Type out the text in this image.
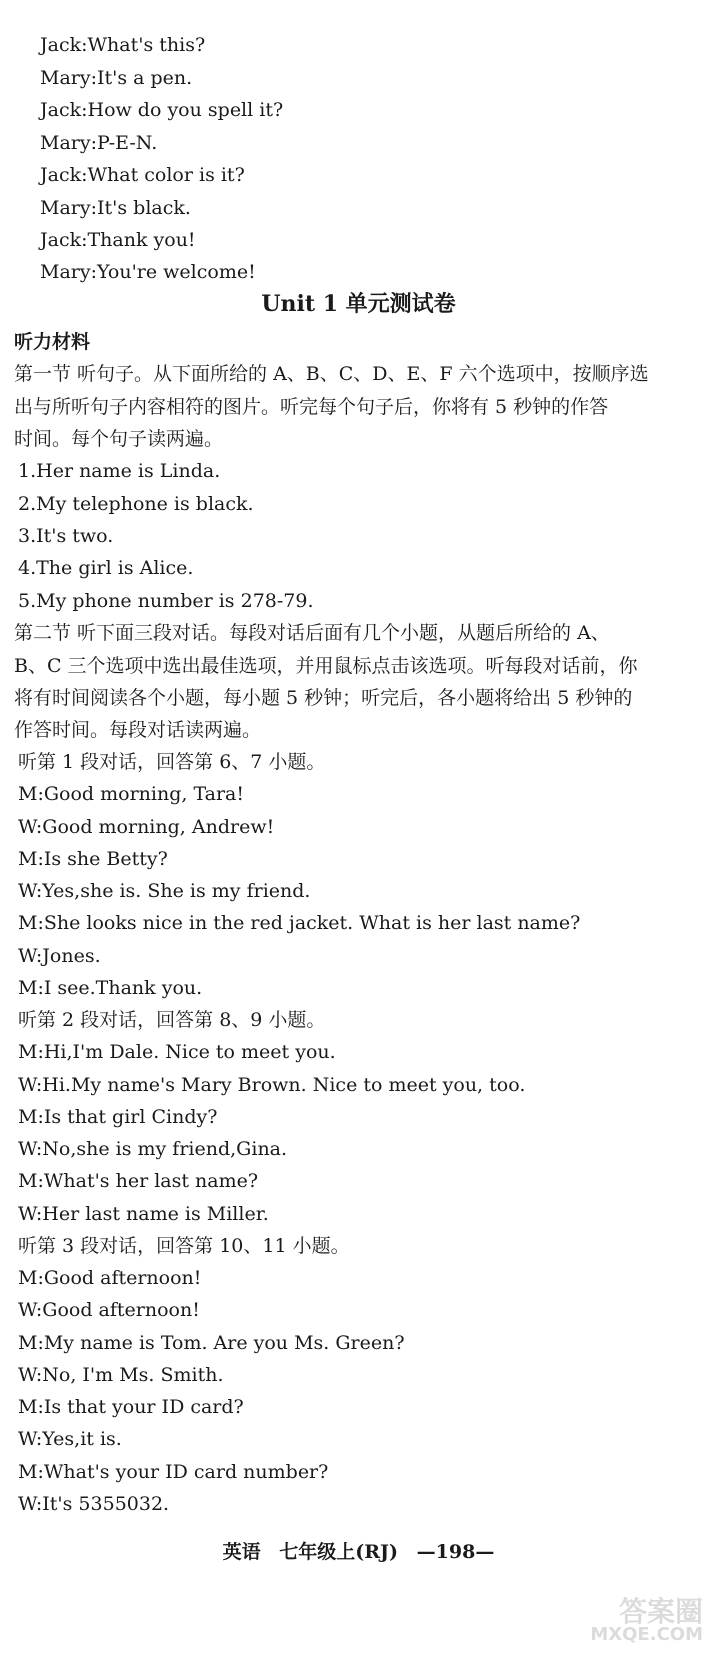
Jack:What's this?
Mary:It's a pen.
Jack:How do you spell it?
Mary:P-E-N.
Jack:What color is it?
Mary:It's black.
Jack:Thank you!
Mary:You're welcome!
Unit 1 单元测试卷
听力材料
第一节 听句子。从下面所给的 A、B、C、D、E、F 六个选项中，按顺序选
出与所听句子内容相符的图片。听完每个句子后，你将有 5 秒钟的作答
时间。每个句子读两遍。
1.Her name is Linda.
2.My telephone is black.
3.It's two.
4.The girl is Alice.
5.My phone number is 278-79.
第二节 听下面三段对话。每段对话后面有几个小题，从题后所给的 A、
B、C 三个选项中选出最佳选项，并用鼠标点击该选项。听每段对话前，你
将有时间阅读各个小题，每小题 5 秒钟；听完后，各小题将给出 5 秒钟的
作答时间。每段对话读两遍。
听第 1 段对话，回答第 6、7 小题。
M:Good morning, Tara!
W:Good morning, Andrew!
M:Is she Betty?
W:Yes,she is. She is my friend.
M:She looks nice in the red jacket. What is her last name?
W:Jones.
M:I see.Thank you.
听第 2 段对话，回答第 8、9 小题。
M:Hi,I'm Dale. Nice to meet you.
W:Hi.My name's Mary Brown. Nice to meet you, too.
M:Is that girl Cindy?
W:No,she is my friend,Gina.
M:What's her last name?
W:Her last name is Miller.
听第 3 段对话，回答第 10、11 小题。
M:Good afternoon!
W:Good afternoon!
M:My name is Tom. Are you Ms. Green?
W:No, I'm Ms. Smith.
M:Is that your ID card?
W:Yes,it is.
M:What's your ID card number?
W:It's 5355032.
英语 七年级上(RJ) —198—
答案圈
MXQE.COM
